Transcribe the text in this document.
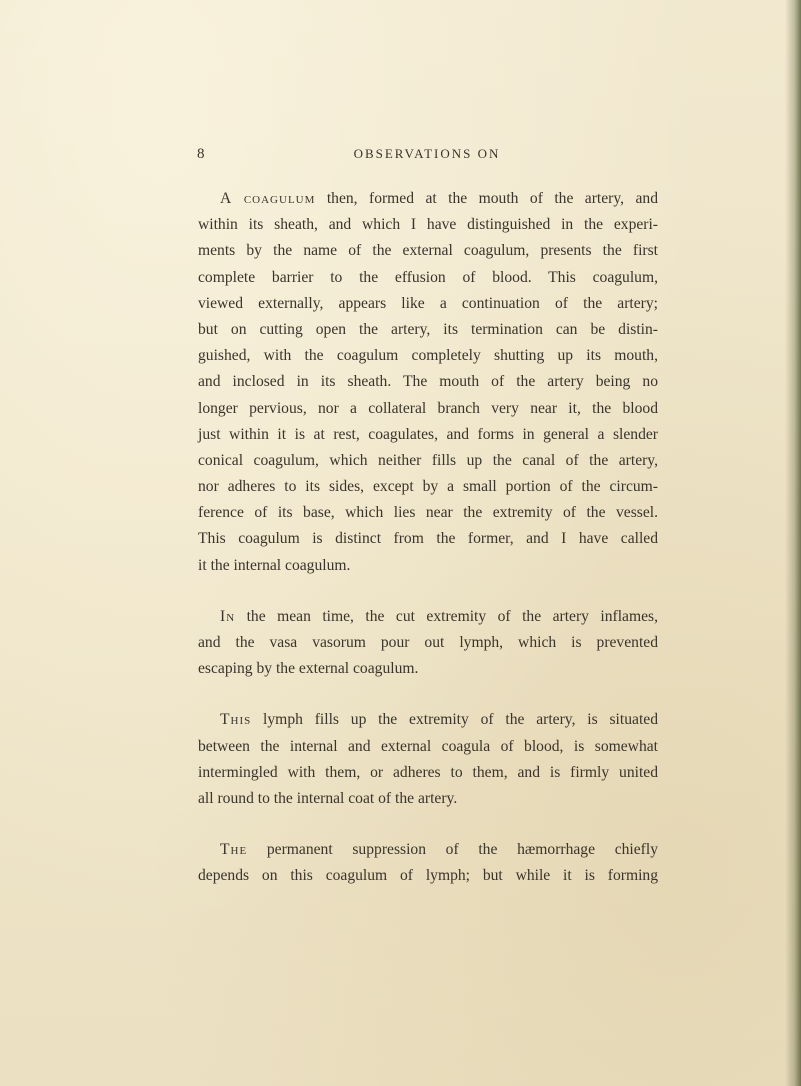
8	OBSERVATIONS ON
A coagulum then, formed at the mouth of the artery, and
within its sheath, and which I have distinguished in the experi-
ments by the name of the external coagulum, presents the first
complete barrier to the effusion of blood. This coagulum,
viewed externally, appears like a continuation of the artery;
but on cutting open the artery, its termination can be distin-
guished, with the coagulum completely shutting up its mouth,
and inclosed in its sheath. The mouth of the artery being no
longer pervious, nor a collateral branch very near it, the blood
just within it is at rest, coagulates, and forms in general a slender
conical coagulum, which neither fills up the canal of the artery,
nor adheres to its sides, except by a small portion of the circum-
ference of its base, which lies near the extremity of the vessel.
This coagulum is distinct from the former, and I have called
it the internal coagulum.
In the mean time, the cut extremity of the artery inflames,
and the vasa vasorum pour out lymph, which is prevented
escaping by the external coagulum.
This lymph fills up the extremity of the artery, is situated
between the internal and external coagula of blood, is somewhat
intermingled with them, or adheres to them, and is firmly united
all round to the internal coat of the artery.
The permanent suppression of the hæmorrhage chiefly
depends on this coagulum of lymph; but while it is forming
